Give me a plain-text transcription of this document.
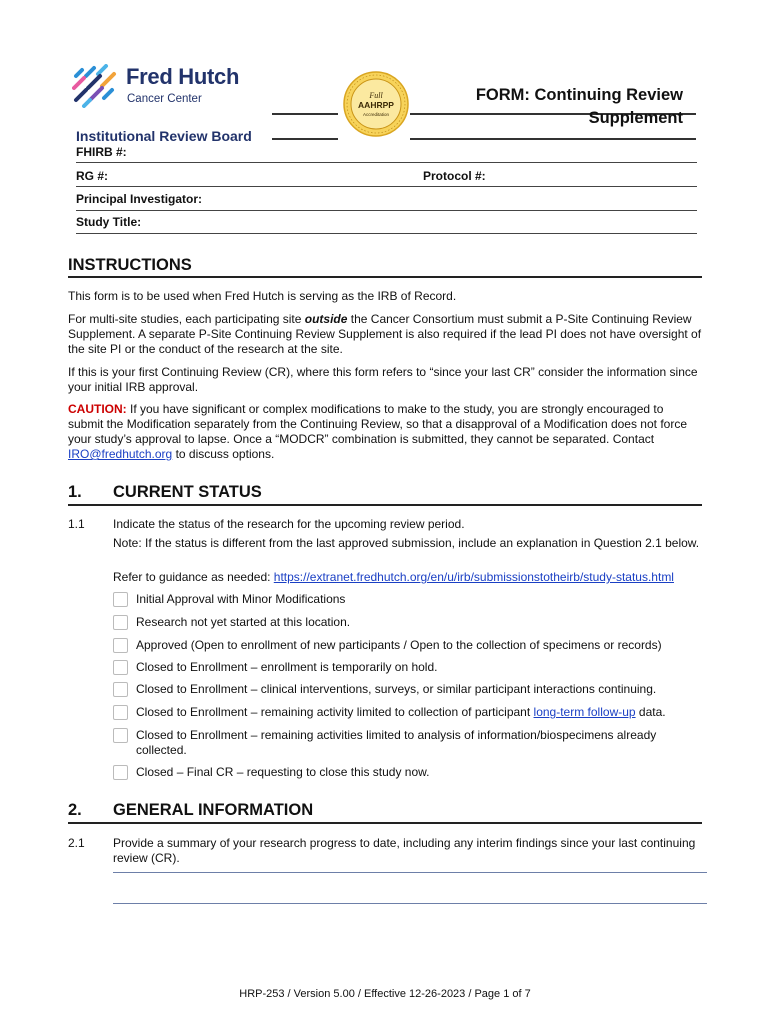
Fred Hutch
Cancer Center
Institutional Review Board
Full
AAHRPP
Accreditation
FORM: Continuing Review
Supplement
FHIRB #:
RG #:	Protocol #:
Principal Investigator:
Study Title:
INSTRUCTIONS
This form is to be used when Fred Hutch is serving as the IRB of Record.
For multi-site studies, each participating site outside the Cancer Consortium must submit a P-Site Continuing Review Supplement. A separate P-Site Continuing Review Supplement is also required if the lead PI does not have oversight of the site PI or the conduct of the research at the site.
If this is your first Continuing Review (CR), where this form refers to “since your last CR” consider the information since your initial IRB approval.
CAUTION: If you have significant or complex modifications to make to the study, you are strongly encouraged to submit the Modification separately from the Continuing Review, so that a disapproval of a Modification does not force your study’s approval to lapse. Once a “MODCR” combination is submitted, they cannot be separated. Contact IRO@fredhutch.org to discuss options.
1. CURRENT STATUS
1.1 Indicate the status of the research for the upcoming review period.
Note: If the status is different from the last approved submission, include an explanation in Question 2.1 below.
Refer to guidance as needed: https://extranet.fredhutch.org/en/u/irb/submissionstotheirb/study-status.html
Initial Approval with Minor Modifications
Research not yet started at this location.
Approved (Open to enrollment of new participants / Open to the collection of specimens or records)
Closed to Enrollment – enrollment is temporarily on hold.
Closed to Enrollment – clinical interventions, surveys, or similar participant interactions continuing.
Closed to Enrollment – remaining activity limited to collection of participant long-term follow-up data.
Closed to Enrollment – remaining activities limited to analysis of information/biospecimens already collected.
Closed – Final CR – requesting to close this study now.
2. GENERAL INFORMATION
2.1 Provide a summary of your research progress to date, including any interim findings since your last continuing review (CR).
HRP-253 / Version 5.00 / Effective 12-26-2023 / Page 1 of 7
